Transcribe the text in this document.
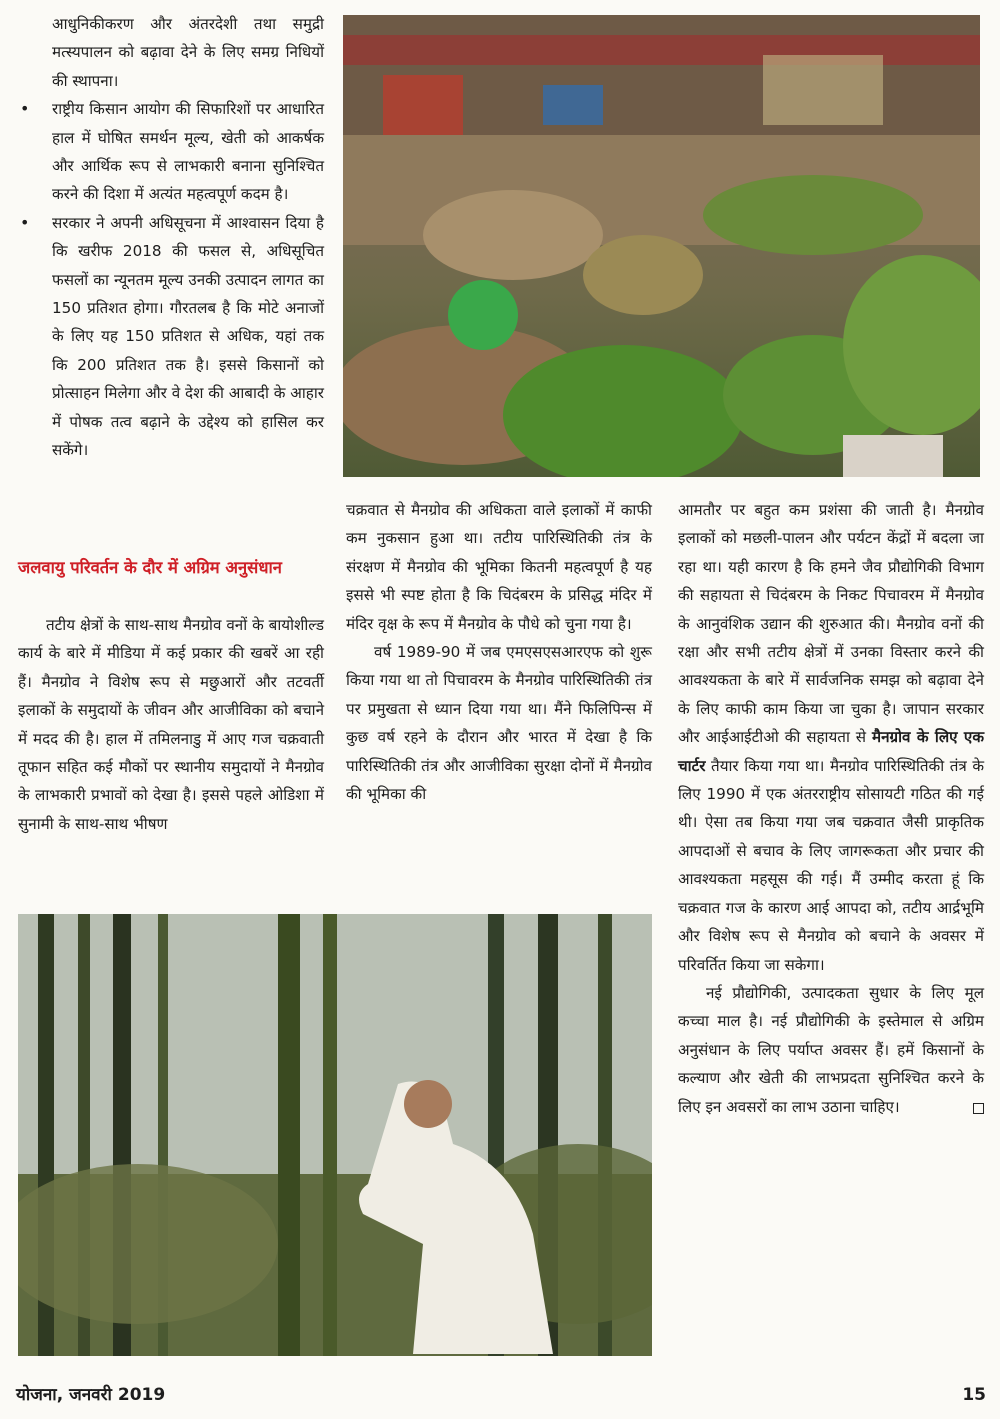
आधुनिकीकरण और अंतरदेशी तथा समुद्री मत्स्यपालन को बढ़ावा देने के लिए समग्र निधियों की स्थापना।

• राष्ट्रीय किसान आयोग की सिफारिशों पर आधारित हाल में घोषित समर्थन मूल्य, खेती को आकर्षक और आर्थिक रूप से लाभकारी बनाना सुनिश्चित करने की दिशा में अत्यंत महत्वपूर्ण कदम है।
• सरकार ने अपनी अधिसूचना में आश्वासन दिया है कि खरीफ 2018 की फसल से, अधिसूचित फसलों का न्यूनतम मूल्य उनकी उत्पादन लागत का 150 प्रतिशत होगा। गौरतलब है कि मोटे अनाजों के लिए यह 150 प्रतिशत से अधिक, यहां तक कि 200 प्रतिशत तक है। इससे किसानों को प्रोत्साहन मिलेगा और वे देश की आबादी के आहार में पोषक तत्व बढ़ाने के उद्देश्य को हासिल कर सकेंगे।
जलवायु परिवर्तन के दौर में अग्रिम अनुसंधान

तटीय क्षेत्रों के साथ-साथ मैनग्रोव वनों के बायोशील्ड कार्य के बारे में मीडिया में कई प्रकार की खबरें आ रही हैं। मैनग्रोव ने विशेष रूप से मछुआरों और तटवर्ती इलाकों के समुदायों के जीवन और आजीविका को बचाने में मदद की है। हाल में तमिलनाडु में आए गज चक्रवाती तूफान सहित कई मौकों पर स्थानीय समुदायों ने मैनग्रोव के लाभकारी प्रभावों को देखा है। इससे पहले ओडिशा में सुनामी के साथ-साथ भीषण

चक्रवात से मैनग्रोव की अधिकता वाले इलाकों में काफी कम नुकसान हुआ था। तटीय पारिस्थितिकी तंत्र के संरक्षण में मैनग्रोव की भूमिका कितनी महत्वपूर्ण है यह इससे भी स्पष्ट होता है कि चिदंबरम के प्रसिद्ध मंदिर में मंदिर वृक्ष के रूप में मैनग्रोव के पौधे को चुना गया है।

वर्ष 1989-90 में जब एमएसएसआरएफ को शुरू किया गया था तो पिचावरम के मैनग्रोव पारिस्थितिकी तंत्र पर प्रमुखता से ध्यान दिया गया था। मैंने फिलिपिन्स में कुछ वर्ष रहने के दौरान और भारत में देखा है कि पारिस्थितिकी तंत्र और आजीविका सुरक्षा दोनों में मैनग्रोव की भूमिका की

आमतौर पर बहुत कम प्रशंसा की जाती है। मैनग्रोव इलाकों को मछली-पालन और पर्यटन केंद्रों में बदला जा रहा था। यही कारण है कि हमने जैव प्रौद्योगिकी विभाग की सहायता से चिदंबरम के निकट पिचावरम में मैनग्रोव के आनुवंशिक उद्यान की शुरुआत की। मैनग्रोव वनों की रक्षा और सभी तटीय क्षेत्रों में उनका विस्तार करने की आवश्यकता के बारे में सार्वजनिक समझ को बढ़ावा देने के लिए काफी काम किया जा चुका है। जापान सरकार और आईआईटीओ की सहायता से मैनग्रोव के लिए एक चार्टर तैयार किया गया था। मैनग्रोव पारिस्थितिकी तंत्र के लिए 1990 में एक अंतरराष्ट्रीय सोसायटी गठित की गई थी। ऐसा तब किया गया जब चक्रवात जैसी प्राकृतिक आपदाओं से बचाव के लिए जागरूकता और प्रचार की आवश्यकता महसूस की गई। मैं उम्मीद करता हूं कि चक्रवात गज के कारण आई आपदा को, तटीय आर्द्रभूमि और विशेष रूप से मैनग्रोव को बचाने के अवसर में परिवर्तित किया जा सकेगा।

नई प्रौद्योगिकी, उत्पादकता सुधार के लिए मूल कच्चा माल है। नई प्रौद्योगिकी के इस्तेमाल से अग्रिम अनुसंधान के लिए पर्याप्त अवसर हैं। हमें किसानों के कल्याण और खेती की लाभप्रदता सुनिश्चित करने के लिए इन अवसरों का लाभ उठाना चाहिए।

योजना, जनवरी 2019	15
